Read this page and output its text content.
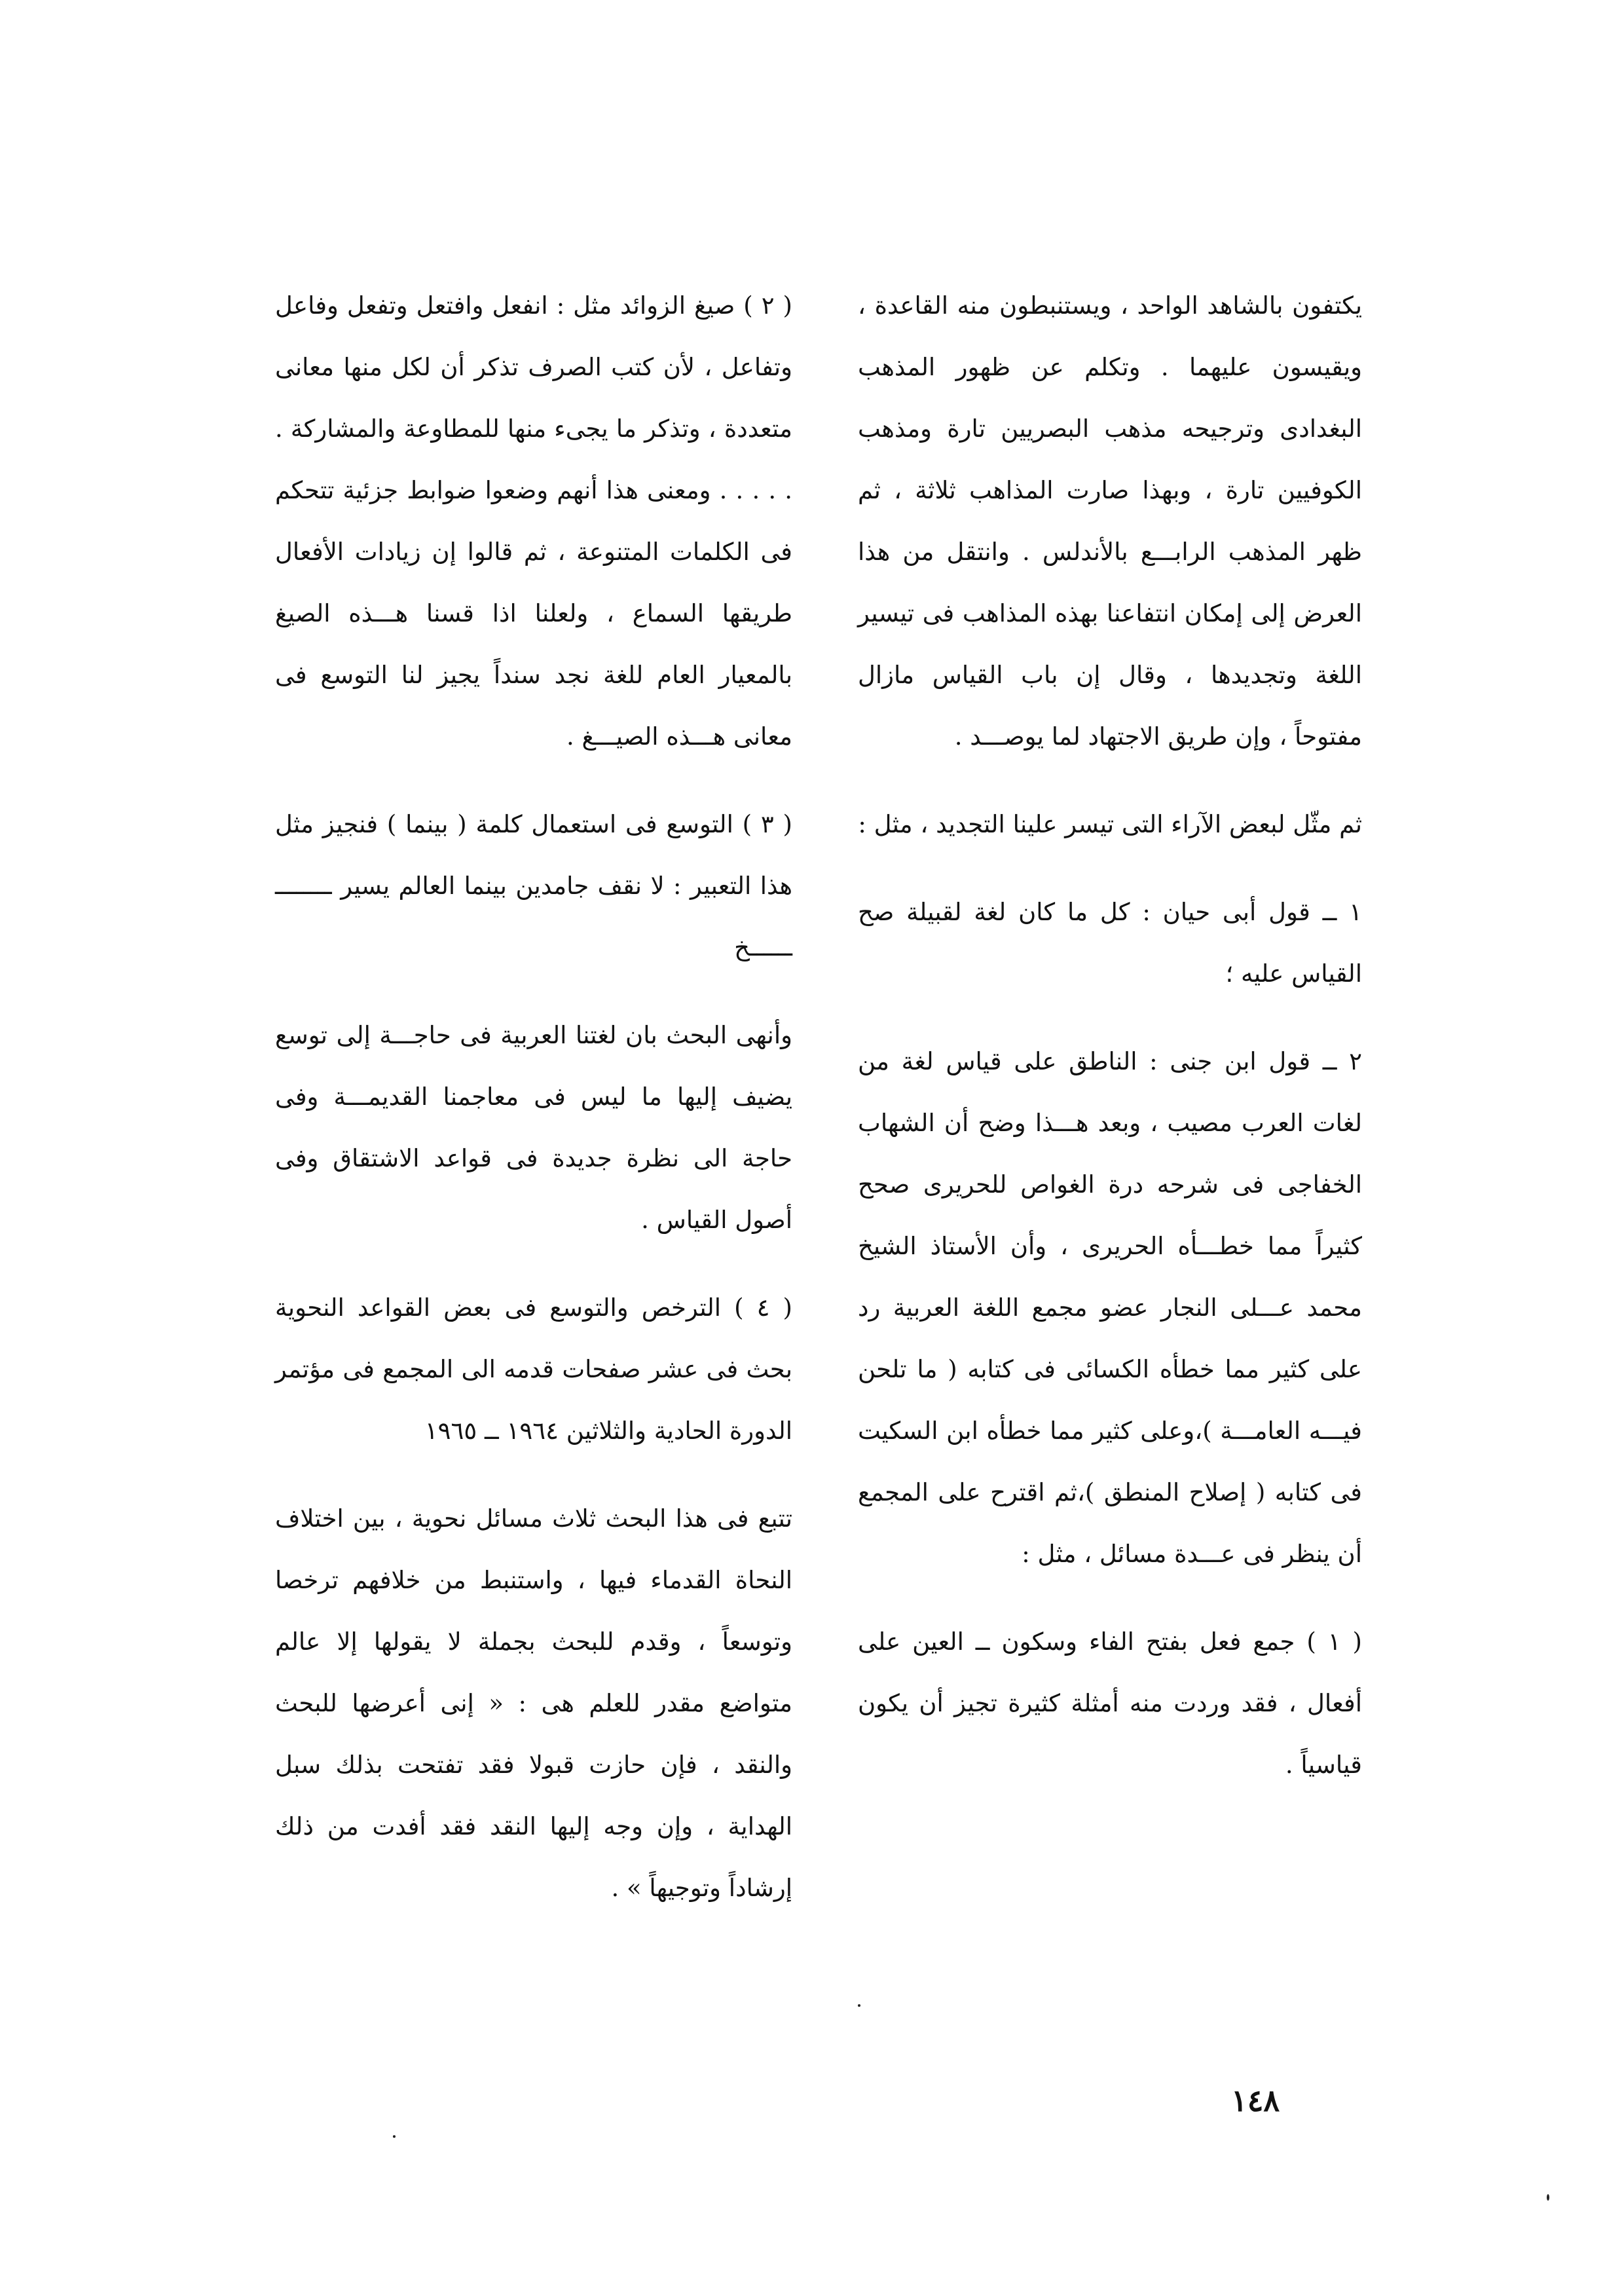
يكتفون بالشاهد الواحد ، ويستنبطون منه القاعدة ، ويقيسون عليهما . وتكلم عن ظهور المذهب البغدادى وترجيحه مذهب البصريين تارة ومذهب الكوفيين تارة ، وبهذا صارت المذاهب ثلاثة ، ثم ظهر المذهب الرابـــع بالأندلس . وانتقل من هذا العرض إلى إمكان انتفاعنا بهذه المذاهب فى تيسير اللغة وتجديدها ، وقال إن باب القياس مازال مفتوحاً ، وإن طريق الاجتهاد لما يوصـــد .

ثم مثّل لبعض الآراء التى تيسر علينا التجديد ، مثل :

١ ــ قول أبى حيان : كل ما كان لغة لقبيلة صح القياس عليه ؛

٢ ــ قول ابن جنى : الناطق على قياس لغة من لغات العرب مصيب ، وبعد هـــذا وضح أن الشهاب الخفاجى فى شرحه درة الغواص للحريرى صحح كثيراً مما خطـــأه الحريرى ، وأن الأستاذ الشيخ محمد عـــلى النجار عضو مجمع اللغة العربية رد على كثير مما خطأه الكسائى فى كتابه ( ما تلحن فيـــه العامـــة )،وعلى كثير مما خطأه ابن السكيت فى كتابه ( إصلاح المنطق )،ثم اقترح على المجمع أن ينظر فى عـــدة مسائل ، مثل :

( ١ ) جمع فعل بفتح الفاء وسكون ــ العين على أفعال ، فقد وردت منه أمثلة كثيرة تجيز أن يكون قياسياً .

( ٢ ) صيغ الزوائد مثل : انفعل وافتعل وتفعل وفاعل وتفاعل ، لأن كتب الصرف تذكر أن لكل منها معانى متعددة ، وتذكر ما يجىء منها للمطاوعة والمشاركة . . . . . . ومعنى هذا أنهم وضعوا ضوابط جزئية تتحكم فى الكلمات المتنوعة ، ثم قالوا إن زيادات الأفعال طريقها السماع ، ولعلنا اذا قسنا هـــذه الصيغ بالمعيار العام للغة نجد سنداً يجيز لنا التوسع فى معانى هـــذه الصيـــغ .

( ٣ ) التوسع فى استعمال كلمة ( بينما ) فنجيز مثل هذا التعبير : لا نقف جامدين بينما العالم يسير ــــــــ ــــــخ

وأنهى البحث بان لغتنا العربية فى حاجـــة إلى توسع يضيف إليها ما ليس فى معاجمنا القديمـــة وفى حاجة الى نظرة جديدة فى قواعد الاشتقاق وفى أصول القياس .

( ٤ ) الترخص والتوسع فى بعض القواعد النحوية بحث فى عشر صفحات قدمه الى المجمع فى مؤتمر الدورة الحادية والثلاثين ١٩٦٤ ــ ١٩٦٥

تتبع فى هذا البحث ثلاث مسائل نحوية ، بين اختلاف النحاة القدماء فيها ، واستنبط من خلافهم ترخصا وتوسعاً ، وقدم للبحث بجملة لا يقولها إلا عالم متواضع مقدر للعلم هى : « إنى أعرضها للبحث والنقد ، فإن حازت قبولا فقد تفتحت بذلك سبل الهداية ، وإن وجه إليها النقد فقد أفدت من ذلك إرشاداً وتوجيهاً » .

١٤٨
